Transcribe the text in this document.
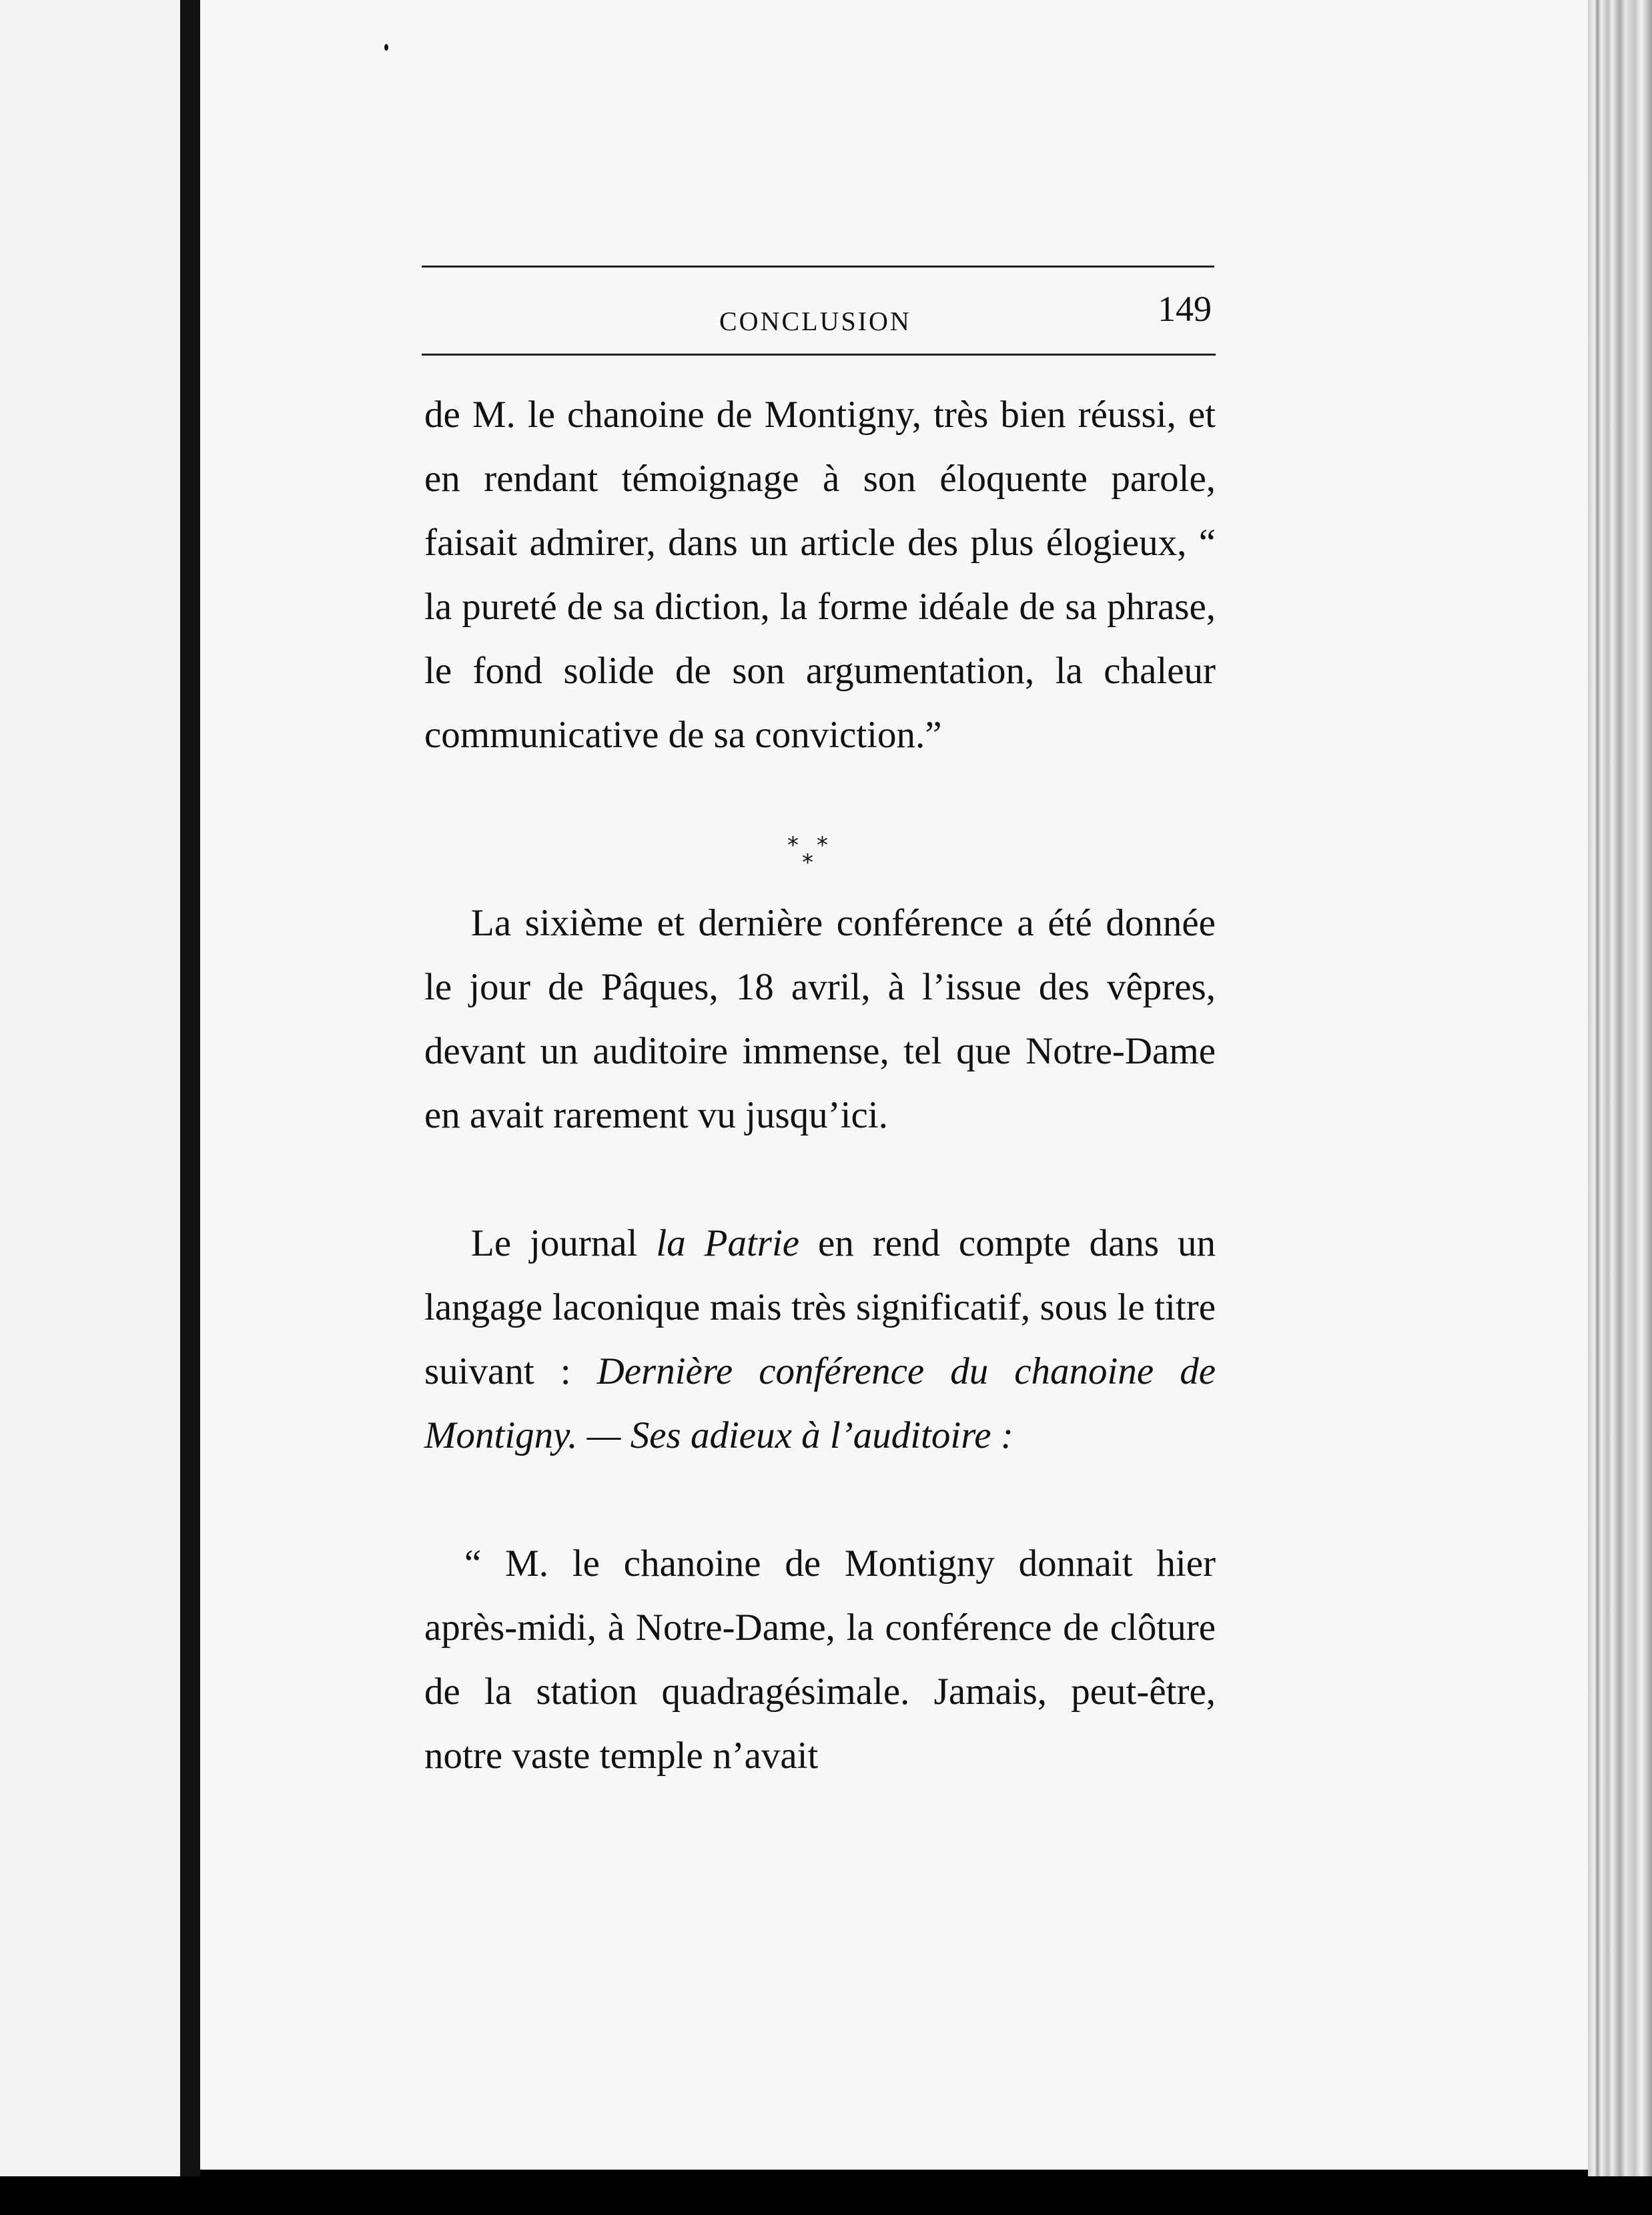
CONCLUSION	149

de M. le chanoine de Montigny, très bien réussi, et en rendant témoignage à son éloquente parole, faisait admirer, dans un article des plus élogieux, “ la pureté de sa diction, la forme idéale de sa phrase, le fond solide de son argumentation, la chaleur communicative de sa conviction.”

* *
*

La sixième et dernière conférence a été donnée le jour de Pâques, 18 avril, à l’issue des vêpres, devant un auditoire immense, tel que Notre-Dame en avait rarement vu jusqu’ici.

Le journal la Patrie en rend compte dans un langage laconique mais très significatif, sous le titre suivant : Dernière conférence du chanoine de Montigny. — Ses adieux à l’auditoire :

“ M. le chanoine de Montigny donnait hier après-midi, à Notre-Dame, la conférence de clôture de la station quadragésimale. Jamais, peut-être, notre vaste temple n’avait
